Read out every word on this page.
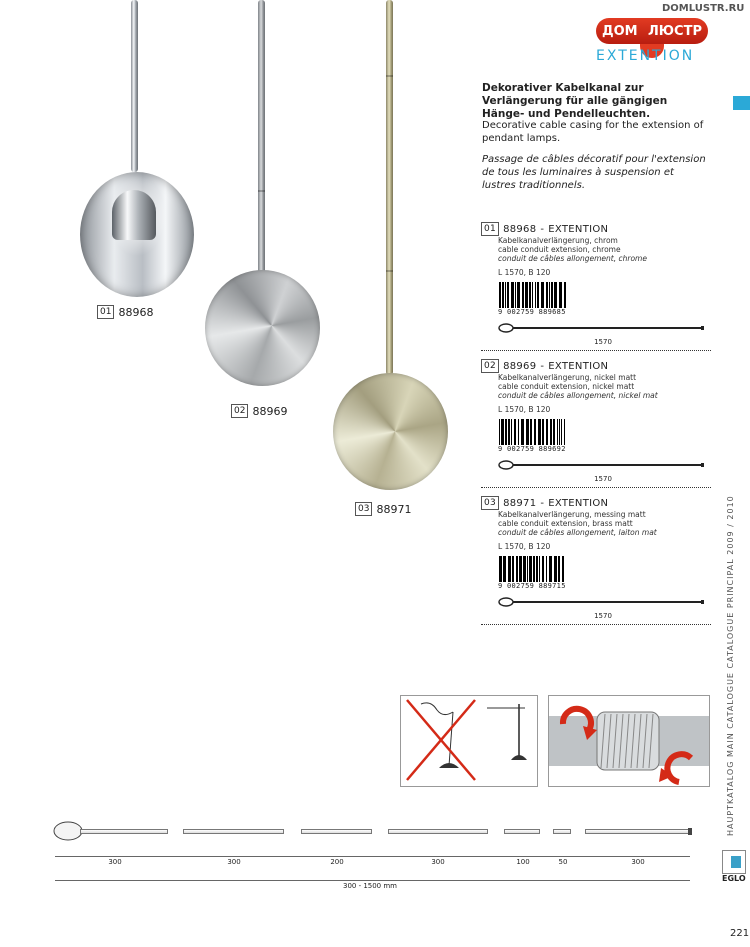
DOMLUSTR.RU
ДОМ ЛЮСТР
EXTENTION
01 88968
02 88969
03 88971
Dekorativer Kabelkanal zur Verlängerung für alle gängigen Hänge- und Pendelleuchten.
Decorative cable casing for the extension of pendant lamps.
Passage de câbles décoratif pour l'extension de tous les luminaires à suspension et lustres traditionnels.
01 88968 - EXTENTION
Kabelkanalverlängerung, chrom
cable conduit extension, chrome
conduit de câbles allongement, chrome
L 1570, B 120
9 002759 889685
1570
02 88969 - EXTENTION
Kabelkanalverlängerung, nickel matt
cable conduit extension, nickel matt
conduit de câbles allongement, nickel mat
L 1570, B 120
9 002759 889692
1570
03 88971 - EXTENTION
Kabelkanalverlängerung, messing matt
cable conduit extension, brass matt
conduit de câbles allongement, laiton mat
L 1570, B 120
9 002759 889715
1570
300	300	200	300	100	50	300
300 - 1500 mm
HAUPTKATALOG MAIN CATALOGUE CATALOGUE PRINCIPAL 2009 / 2010
EGLO
221
